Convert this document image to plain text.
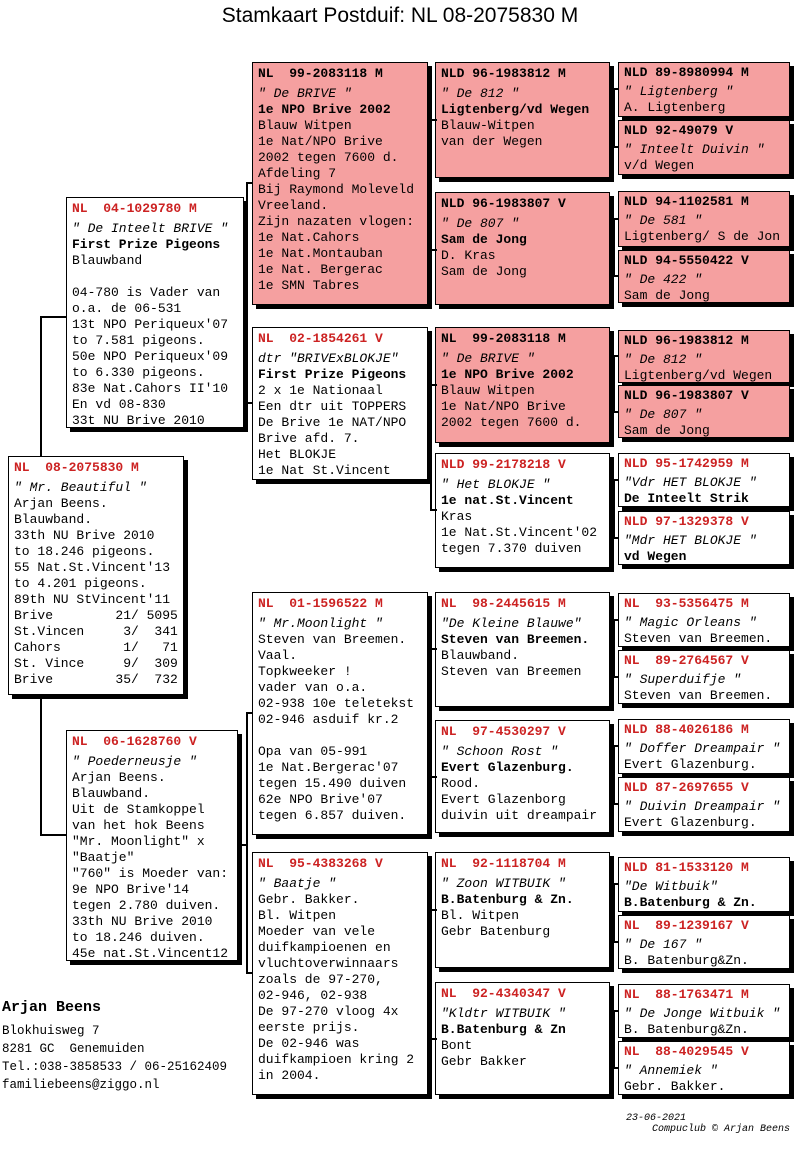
Stamkaart Postduif: NL 08-2075830 M
NL  08-2075830 M
" Mr. Beautiful "
Arjan Beens.
Blauwband.
33th NU Brive 2010
to 18.246 pigeons.
55 Nat.St.Vincent'13
to 4.201 pigeons.
89th NU StVincent'11
Brive        21/ 5095
St.Vincen     3/  341
Cahors        1/   71
St. Vince     9/  309
Brive        35/  732
NL  04-1029780 M
" De Inteelt BRIVE "
First Prize Pigeons
Blauwband

04-780 is Vader van
o.a. de 06-531
13t NPO Periqueux'07
to 7.581 pigeons.
50e NPO Periqueux'09
to 6.330 pigeons.
83e Nat.Cahors II'10
En vd 08-830
33t NU Brive 2010
NL  06-1628760 V
" Poederneusje "
Arjan Beens.
Blauwband.
Uit de Stamkoppel
van het hok Beens
"Mr. Moonlight" x
"Baatje"
"760" is Moeder van:
9e NPO Brive'14
tegen 2.780 duiven.
33th NU Brive 2010
to 18.246 duiven.
45e nat.St.Vincent12
NL  99-2083118 M
" De BRIVE "
1e NPO Brive 2002
Blauw Witpen
1e Nat/NPO Brive
2002 tegen 7600 d.
Afdeling 7
Bij Raymond Moleveld
Vreeland.
Zijn nazaten vlogen:
1e Nat.Cahors
1e Nat.Montauban
1e Nat. Bergerac
1e SMN Tabres
NL  02-1854261 V
dtr "BRIVExBLOKJE"
First Prize Pigeons
2 x 1e Nationaal
Een dtr uit TOPPERS
De Brive 1e NAT/NPO
Brive afd. 7.
Het BLOKJE
1e Nat St.Vincent
NL  01-1596522 M
" Mr.Moonlight "
Steven van Breemen.
Vaal.
Topkweeker !
vader van o.a.
02-938 10e teletekst
02-946 asduif kr.2

Opa van 05-991
1e Nat.Bergerac'07
tegen 15.490 duiven
62e NPO Brive'07
tegen 6.857 duiven.
NL  95-4383268 V
" Baatje "
Gebr. Bakker.
Bl. Witpen
Moeder van vele
duifkampioenen en
vluchtoverwinnaars
zoals de 97-270,
02-946, 02-938
De 97-270 vloog 4x
eerste prijs.
De 02-946 was
duifkampioen kring 2
in 2004.
NLD 96-1983812 M
" De 812 "
Ligtenberg/vd Wegen
Blauw-Witpen
van der Wegen
NLD 96-1983807 V
" De 807 "
Sam de Jong
D. Kras
Sam de Jong
NL  99-2083118 M
" De BRIVE "
1e NPO Brive 2002
Blauw Witpen
1e Nat/NPO Brive
2002 tegen 7600 d.
NLD 99-2178218 V
" Het BLOKJE "
1e nat.St.Vincent
Kras
1e Nat.St.Vincent'02
tegen 7.370 duiven
NL  98-2445615 M
"De Kleine Blauwe"
Steven van Breemen.
Blauwband.
Steven van Breemen
NL  97-4530297 V
" Schoon Rost "
Evert Glazenburg.
Rood.
Evert Glazenborg
duivin uit dreampair
NL  92-1118704 M
" Zoon WITBUIK "
B.Batenburg & Zn.
Bl. Witpen
Gebr Batenburg
NL  92-4340347 V
"Kldtr WITBUIK "
B.Batenburg & Zn
Bont
Gebr Bakker
NLD 89-8980994 M
" Ligtenberg "
A. Ligtenberg
NLD 92-49079 V
" Inteelt Duivin "
v/d Wegen
NLD 94-1102581 M
" De 581 "
Ligtenberg/ S de Jon
NLD 94-5550422 V
" De 422 "
Sam de Jong
NLD 96-1983812 M
" De 812 "
Ligtenberg/vd Wegen
NLD 96-1983807 V
" De 807 "
Sam de Jong
NLD 95-1742959 M
"Vdr HET BLOKJE "
De Inteelt Strik
NLD 97-1329378 V
"Mdr HET BLOKJE "
vd Wegen
NL  93-5356475 M
" Magic Orleans "
Steven van Breemen.
NL  89-2764567 V
" Superduifje "
Steven van Breemen.
NLD 88-4026186 M
" Doffer Dreampair "
Evert Glazenburg.
NLD 87-2697655 V
" Duivin Dreampair "
Evert Glazenburg.
NLD 81-1533120 M
"De Witbuik"
B.Batenburg & Zn.
NL  89-1239167 V
" De 167 "
B. Batenburg&Zn.
NL  88-1763471 M
" De Jonge Witbuik "
B. Batenburg&Zn.
NL  88-4029545 V
" Annemiek "
Gebr. Bakker.
Arjan Beens
Blokhuisweg 7
8281 GC  Genemuiden
Tel.:038-3858533 / 06-25162409
familiebeens@ziggo.nl

23-06-2021
Compuclub © Arjan Beens
